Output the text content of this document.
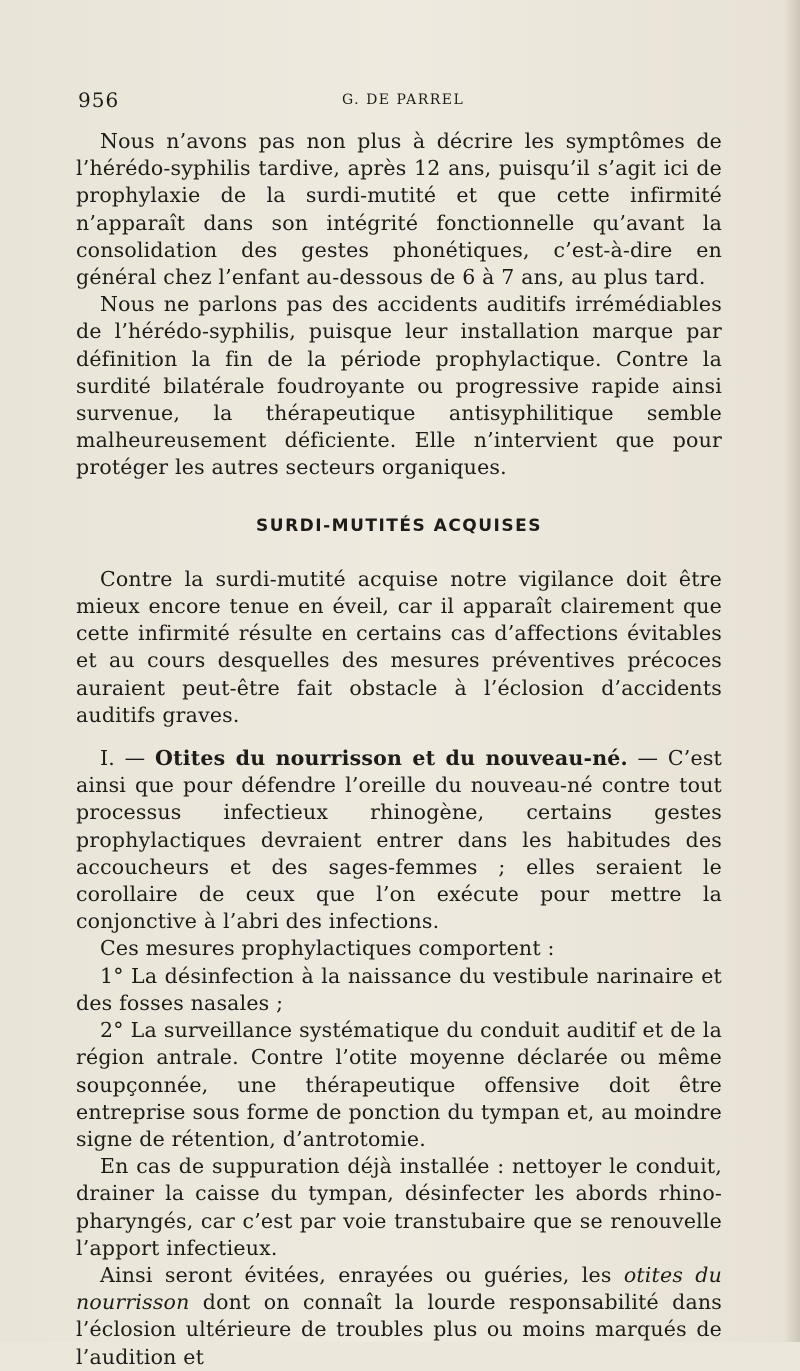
956	G. DE PARREL

Nous n’avons pas non plus à décrire les symptômes de l’hérédo-syphilis tardive, après 12 ans, puisqu’il s’agit ici de prophylaxie de la surdi-mutité et que cette infirmité n’apparaît dans son intégrité fonctionnelle qu’avant la consolidation des gestes phonétiques, c’est-à-dire en général chez l’enfant au-dessous de 6 à 7 ans, au plus tard.

Nous ne parlons pas des accidents auditifs irrémédiables de l’hérédo-syphilis, puisque leur installation marque par définition la fin de la période prophylactique. Contre la surdité bilatérale foudroyante ou progressive rapide ainsi survenue, la thérapeutique antisyphilitique semble malheureusement déficiente. Elle n’intervient que pour protéger les autres secteurs organiques.

SURDI-MUTITÉS ACQUISES

Contre la surdi-mutité acquise notre vigilance doit être mieux encore tenue en éveil, car il apparaît clairement que cette infirmité résulte en certains cas d’affections évitables et au cours desquelles des mesures préventives précoces auraient peut-être fait obstacle à l’éclosion d’accidents auditifs graves.

I. — Otites du nourrisson et du nouveau-né. — C’est ainsi que pour défendre l’oreille du nouveau-né contre tout processus infectieux rhinogène, certains gestes prophylactiques devraient entrer dans les habitudes des accoucheurs et des sages-femmes ; elles seraient le corollaire de ceux que l’on exécute pour mettre la conjonctive à l’abri des infections.

Ces mesures prophylactiques comportent :

1° La désinfection à la naissance du vestibule narinaire et des fosses nasales ;

2° La surveillance systématique du conduit auditif et de la région antrale. Contre l’otite moyenne déclarée ou même soupçonnée, une thérapeutique offensive doit être entreprise sous forme de ponction du tympan et, au moindre signe de rétention, d’antrotomie.

En cas de suppuration déjà installée : nettoyer le conduit, drainer la caisse du tympan, désinfecter les abords rhino-pharyngés, car c’est par voie transtubaire que se renouvelle l’apport infectieux.

Ainsi seront évitées, enrayées ou guéries, les otites du nourrisson dont on connaît la lourde responsabilité dans l’éclosion ultérieure de troubles plus ou moins marqués de l’audition et
